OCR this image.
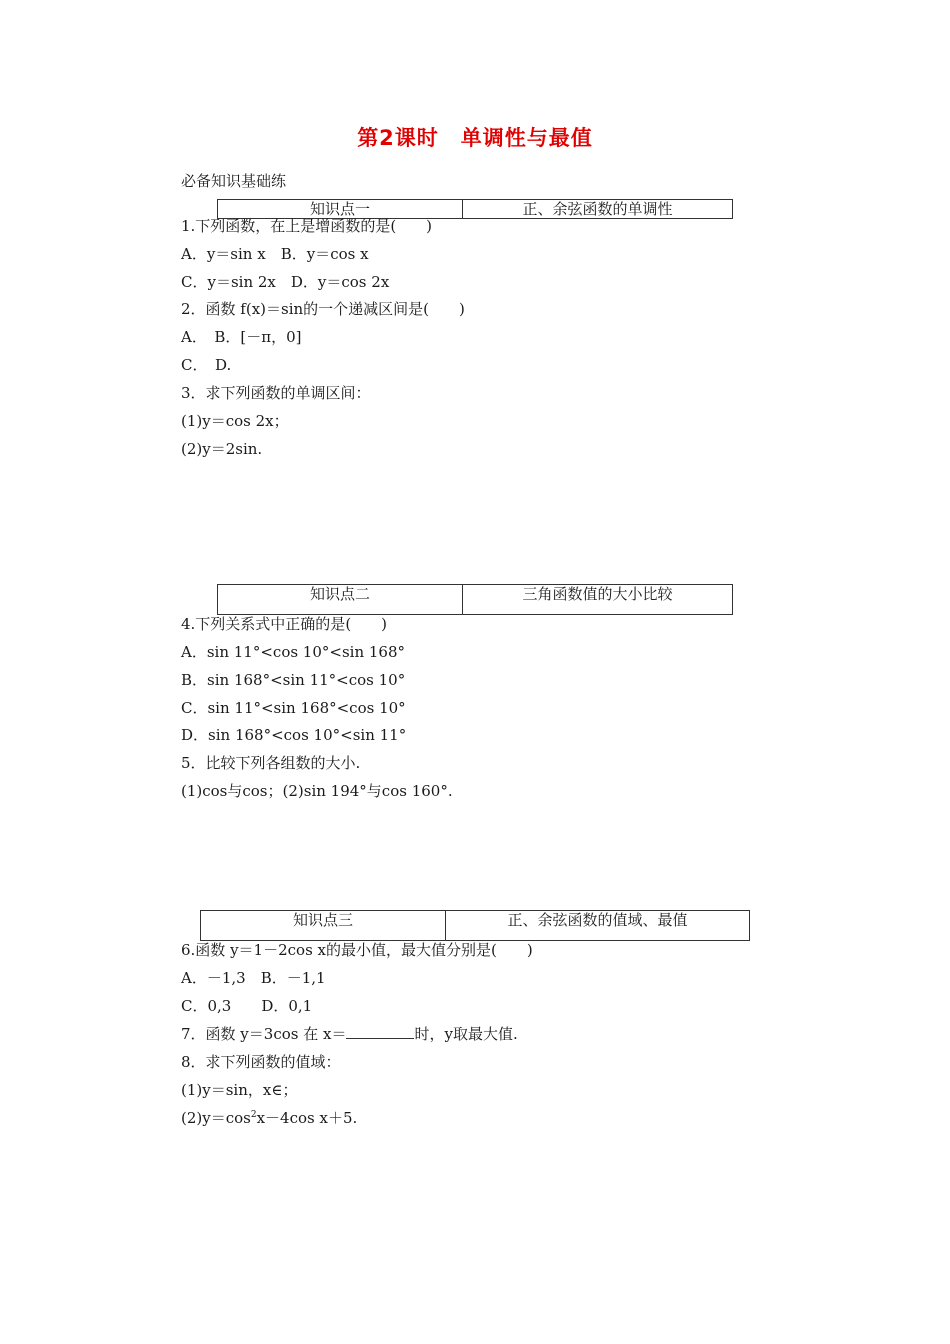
第2课时　单调性与最值
必备知识基础练
知识点一	正、余弦函数的单调性
1.下列函数，在上是增函数的是(　　)
A．y＝sin x　B．y＝cos x
C．y＝sin 2x　D．y＝cos 2x
2．函数 f(x)＝sin的一个递减区间是(　　)
A．　B．[－π，0]
C．　D.
3．求下列函数的单调区间：
(1)y＝cos 2x；
(2)y＝2sin.
知识点二	三角函数值的大小比较
4.下列关系式中正确的是(　　)
A．sin 11°<cos 10°<sin 168°
B．sin 168°<sin 11°<cos 10°
C．sin 11°<sin 168°<cos 10°
D．sin 168°<cos 10°<sin 11°
5．比较下列各组数的大小.
(1)cos与cos；(2)sin 194°与cos 160°.
知识点三	正、余弦函数的值域、最值
6.函数 y＝1－2cos x的最小值，最大值分别是(　　)
A．－1,3　B．－1,1
C．0,3　　D．0,1
7．函数 y＝3cos 在 x＝	时，y取最大值.
8．求下列函数的值域：
(1)y＝sin，x∈；
$(2)y=\cos^2x-4\cos$ x＋5.
